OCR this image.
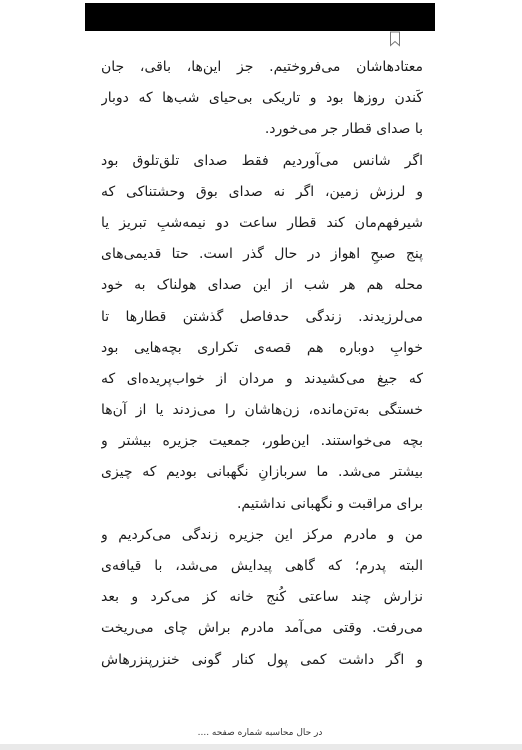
معتادهاشان می‌فروختیم. جز این‌ها، باقی، جان
کَندن روزها بود و تاریکی بی‌حیای شب‌ها که دوبار
با صدای قطار جر می‌خورد.
اگر شانس می‌آوردیم فقط صدای تلق‌تلوق بود
و لرزش زمین، اگر نه صدای بوق وحشتناکی که
شیرفهم‌مان کند قطار ساعت دو نیمه‌شبِ تبریز یا
پنج صبحِ اهواز در حال گذر است. حتا قدیمی‌های
محله هم هر شب از این صدای هولناک به خود
می‌لرزیدند. زندگی حدفاصل گذشتن قطارها تا
خوابِ دوباره هم قصه‌ی تکراری بچه‌هایی بود
که جیغ می‌کشیدند و مردان از خواب‌پریده‌ای که
خستگی به‌تن‌مانده، زن‌هاشان را می‌زدند یا از آن‌ها
بچه می‌خواستند. این‌طور، جمعیت جزیره بیشتر و
بیشتر می‌شد. ما سربازانِ نگهبانی بودیم که چیزی
برای مراقبت و نگهبانی نداشتیم.
من و مادرم مرکز این جزیره زندگی می‌کردیم و
البته پدرم؛ که گاهی پیدایش می‌شد، با قیافه‌ی
نزارش چند ساعتی کُنج خانه کز می‌کرد و بعد
می‌رفت. وقتی می‌آمد مادرم براش چای می‌ریخت
و اگر داشت کمی پول کنار گونی خنزرپنزرهاش
در حال محاسبه شماره صفحه ....
